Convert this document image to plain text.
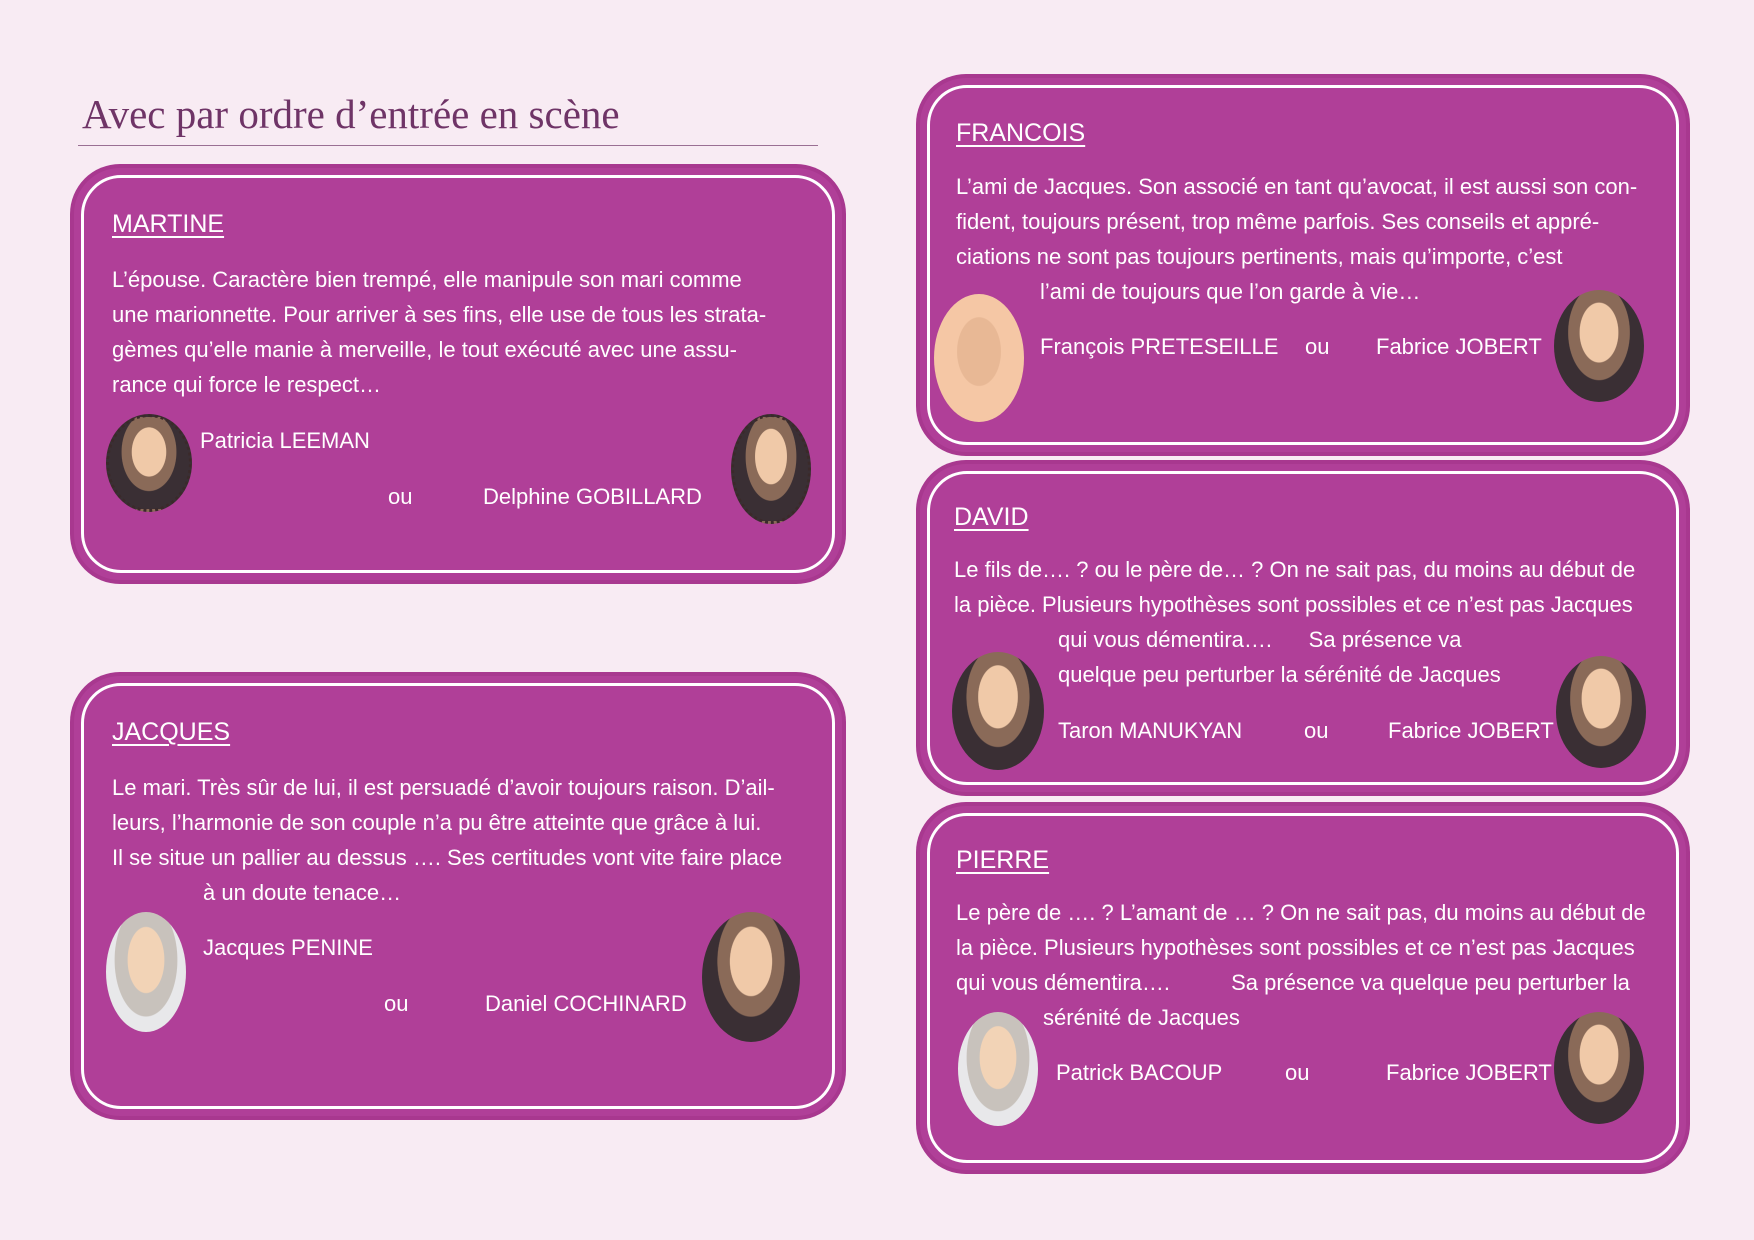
Avec par ordre d’entrée en scène
MARTINE

L’épouse. Caractère bien trempé, elle manipule son mari comme
une marionnette. Pour arriver à ses fins, elle use de tous les strata-
gèmes qu’elle manie à merveille, le tout exécuté avec une assu-
rance qui force le respect…

Patricia LEEMAN
ou	Delphine GOBILLARD
JACQUES

Le mari. Très sûr de lui, il est persuadé d’avoir toujours raison. D’ail-
leurs, l’harmonie de son couple n’a pu être atteinte que grâce à lui.
Il se situe un pallier au dessus …. Ses certitudes vont vite faire place
à un doute tenace…

Jacques PENINE
ou	Daniel COCHINARD
FRANCOIS

L’ami de Jacques. Son associé en tant qu’avocat, il est aussi son con-
fident, toujours présent, trop même parfois. Ses conseils et appré-
ciations ne sont pas toujours pertinents, mais qu’importe, c’est
l’ami de toujours que l’on garde à vie…

François PRETESEILLE ou Fabrice JOBERT
DAVID

Le fils de…. ? ou le père de… ? On ne sait pas, du moins au début de
la pièce. Plusieurs hypothèses sont possibles et ce n’est pas Jacques
qui vous démentira….      Sa présence va
quelque peu perturber la sérénité de Jacques

Taron MANUKYAN	ou	Fabrice JOBERT
PIERRE

Le père de …. ? L’amant de … ? On ne sait pas, du moins au début de
la pièce. Plusieurs hypothèses sont possibles et ce n’est pas Jacques
qui vous démentira….          Sa présence va quelque peu perturber la
sérénité de Jacques

Patrick BACOUP	ou	Fabrice JOBERT
